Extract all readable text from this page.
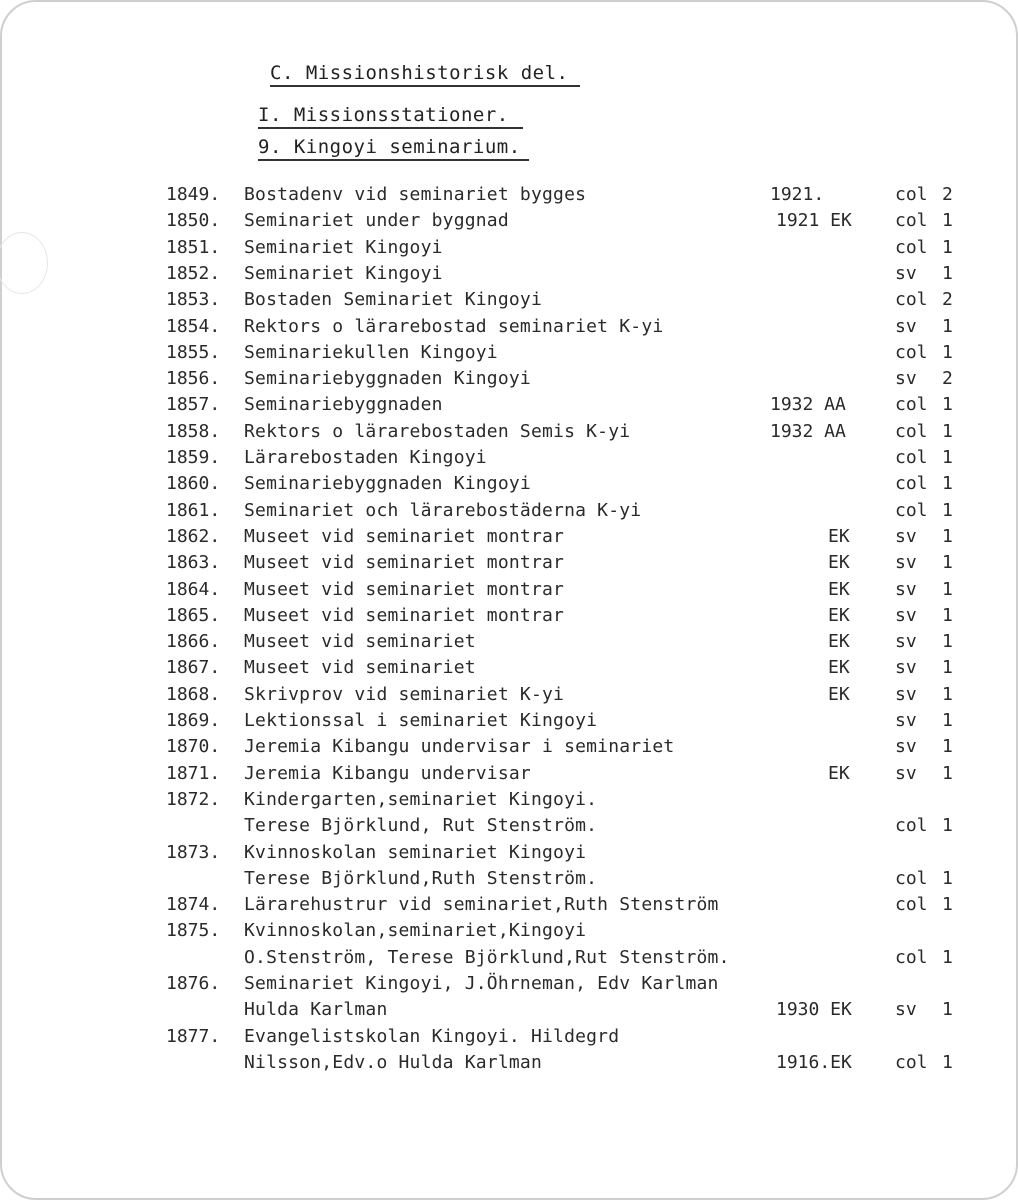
C. Missionshistorisk del.
I. Missionsstationer.
9. Kingoyi seminarium.
1849. Bostadenv vid seminariet bygges	1921.	col 2
1850. Seminariet under byggnad	1921 EK col 1
1851. Seminariet Kingoyi	col 1
1852. Seminariet Kingoyi	sv 1
1853. Bostaden Seminariet Kingoyi	col 2
1854. Rektors o lärarebostad seminariet K-yi	sv 1
1855. Seminariekullen Kingoyi	col 1
1856. Seminariebyggnaden Kingoyi	sv 2
1857. Seminariebyggnaden	1932 AA	col 1
1858. Rektors o lärarebostaden Semis K-yi	1932 AA	col 1
1859. Lärarebostaden Kingoyi	col 1
1860. Seminariebyggnaden Kingoyi	col 1
1861. Seminariet och lärarebostäderna K-yi	col 1
1862. Museet vid seminariet montrar	EK	sv 1
1863. Museet vid seminariet montrar	EK	sv 1
1864. Museet vid seminariet montrar	EK	sv 1
1865. Museet vid seminariet montrar	EK	sv 1
1866. Museet vid seminariet	EK	sv 1
1867. Museet vid seminariet	EK	sv 1
1868. Skrivprov vid seminariet K-yi	EK	sv 1
1869. Lektionssal i seminariet Kingoyi	sv 1
1870. Jeremia Kibangu undervisar i seminariet	sv 1
1871. Jeremia Kibangu undervisar	EK	sv 1
1872. Kindergarten,seminariet Kingoyi.
Terese Björklund, Rut Stenström.	col 1
1873. Kvinnoskolan seminariet Kingoyi
Terese Björklund,Ruth Stenström.	col 1
1874. Lärarehustrur vid seminariet,Ruth Stenström	col 1
1875. Kvinnoskolan,seminariet,Kingoyi
O.Stenström, Terese Björklund,Rut Stenström.	col 1
1876. Seminariet Kingoyi, J.Öhrneman, Edv Karlman
Hulda Karlman	1930 EK sv 1
1877. Evangelistskolan Kingoyi. Hildegrd
Nilsson,Edv.o Hulda Karlman	1916.EK col 1
